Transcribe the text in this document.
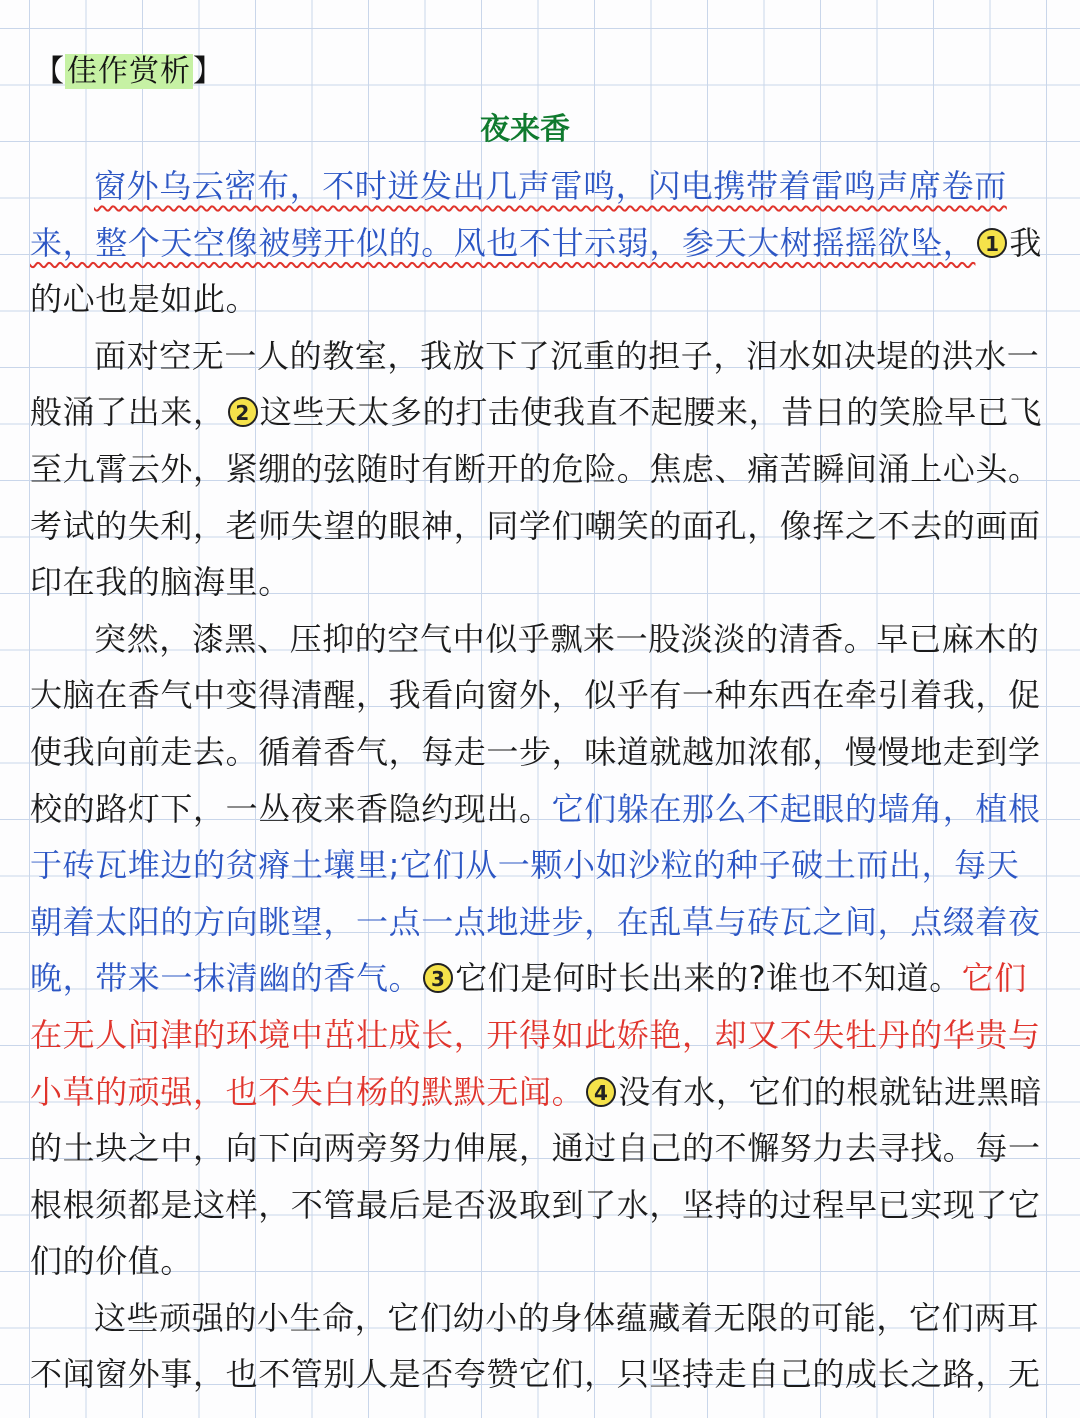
【佳作赏析】
夜来香

窗外乌云密布，不时迸发出几声雷鸣，闪电携带着雷鸣声席卷而来，整个天空像被劈开似的。风也不甘示弱，参天大树摇摇欲坠， 1 我的心也是如此。

面对空无一人的教室，我放下了沉重的担子，泪水如决堤的洪水一般涌了出来， 2 这些天太多的打击使我直不起腰来，昔日的笑脸早已飞至九霄云外，紧绷的弦随时有断开的危险。焦虑、痛苦瞬间涌上心头。考试的失利，老师失望的眼神，同学们嘲笑的面孔，像挥之不去的画面印在我的脑海里。

突然，漆黑、压抑的空气中似乎飘来一股淡淡的清香。早已麻木的大脑在香气中变得清醒，我看向窗外，似乎有一种东西在牵引着我，促使我向前走去。循着香气，每走一步，味道就越加浓郁，慢慢地走到学校的路灯下，一丛夜来香隐约现出。它们躲在那么不起眼的墙角，植根于砖瓦堆边的贫瘠土壤里;它们从一颗小如沙粒的种子破土而出，每天朝着太阳的方向眺望，一点一点地进步，在乱草与砖瓦之间，点缀着夜晚，带来一抹清幽的香气。 3 它们是何时长出来的?谁也不知道。它们在无人问津的环境中茁壮成长，开得如此娇艳，却又不失牡丹的华贵与小草的顽强，也不失白杨的默默无闻。 4 没有水，它们的根就钻进黑暗的土块之中，向下向两旁努力伸展，通过自己的不懈努力去寻找。每一根根须都是这样，不管最后是否汲取到了水，坚持的过程早已实现了它们的价值。

这些顽强的小生命，它们幼小的身体蕴藏着无限的可能，它们两耳不闻窗外事，也不管别人是否夸赞它们，只坚持走自己的成长之路，无
